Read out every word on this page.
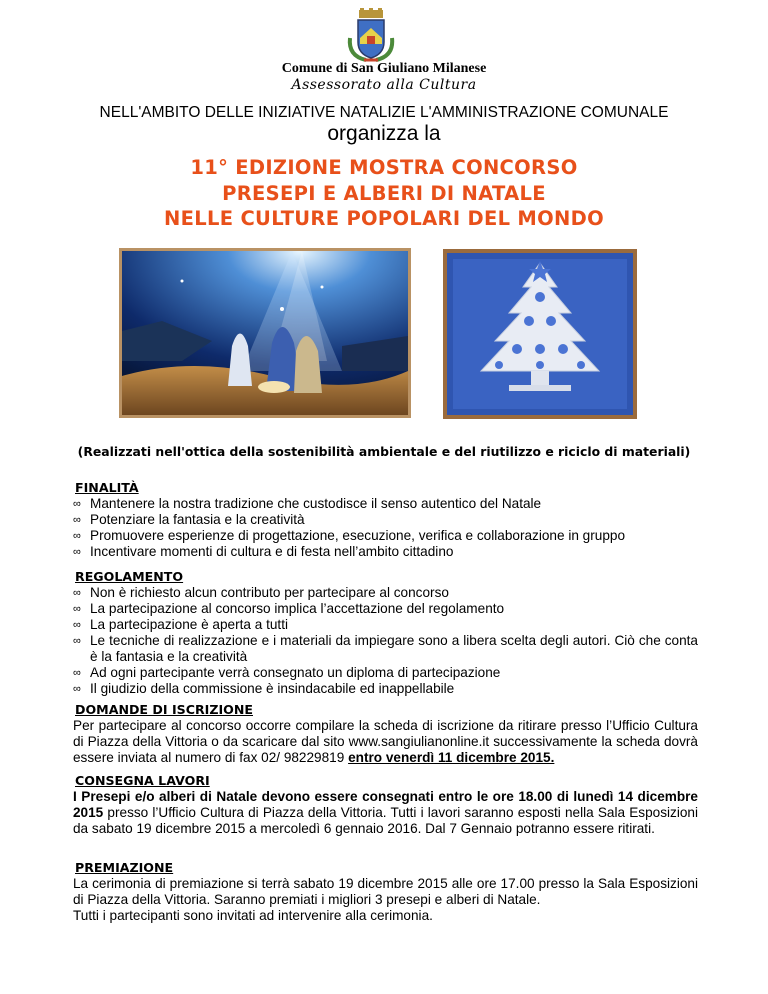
Comune di San Giuliano Milanese
Assessorato alla Cultura
NELL'AMBITO DELLE INIZIATIVE NATALIZIE L'AMMINISTRAZIONE COMUNALE
organizza la
11° EDIZIONE MOSTRA CONCORSO
PRESEPI E ALBERI DI NATALE
NELLE CULTURE POPOLARI DEL MONDO
(Realizzati nell'ottica della sostenibilità ambientale e del riutilizzo e riciclo di materiali)
FINALITÀ
∞ Mantenere la nostra tradizione che custodisce il senso autentico del Natale
∞ Potenziare la fantasia e la creatività
∞ Promuovere esperienze di progettazione, esecuzione, verifica e collaborazione in gruppo
∞ Incentivare momenti di cultura e di festa nell’ambito cittadino
REGOLAMENTO
∞ Non è richiesto alcun contributo per partecipare al concorso
∞ La partecipazione al concorso implica l’accettazione del regolamento
∞ La partecipazione è aperta a tutti
∞ Le tecniche di realizzazione e i materiali da impiegare sono a libera scelta degli autori. Ciò che conta è la fantasia e la creatività
∞ Ad ogni partecipante verrà consegnato un diploma di partecipazione
∞ Il giudizio della commissione è insindacabile ed inappellabile
DOMANDE DI ISCRIZIONE
Per partecipare al concorso occorre compilare la scheda di iscrizione da ritirare presso l’Ufficio Cultura di Piazza della Vittoria o da scaricare dal sito www.sangiulianonline.it successivamente la scheda dovrà essere inviata al numero di fax 02/ 98229819 entro venerdì 11 dicembre 2015.
CONSEGNA LAVORI
I Presepi e/o alberi di Natale devono essere consegnati entro le ore 18.00 di lunedì 14 dicembre 2015 presso l’Ufficio Cultura di Piazza della Vittoria. Tutti i lavori saranno esposti nella Sala Esposizioni da sabato 19 dicembre 2015 a mercoledì 6 gennaio 2016. Dal 7 Gennaio potranno essere ritirati.
PREMIAZIONE
La cerimonia di premiazione si terrà sabato 19 dicembre 2015 alle ore 17.00 presso la Sala Esposizioni di Piazza della Vittoria. Saranno premiati i migliori 3 presepi e alberi di Natale.
Tutti i partecipanti sono invitati ad intervenire alla cerimonia.
